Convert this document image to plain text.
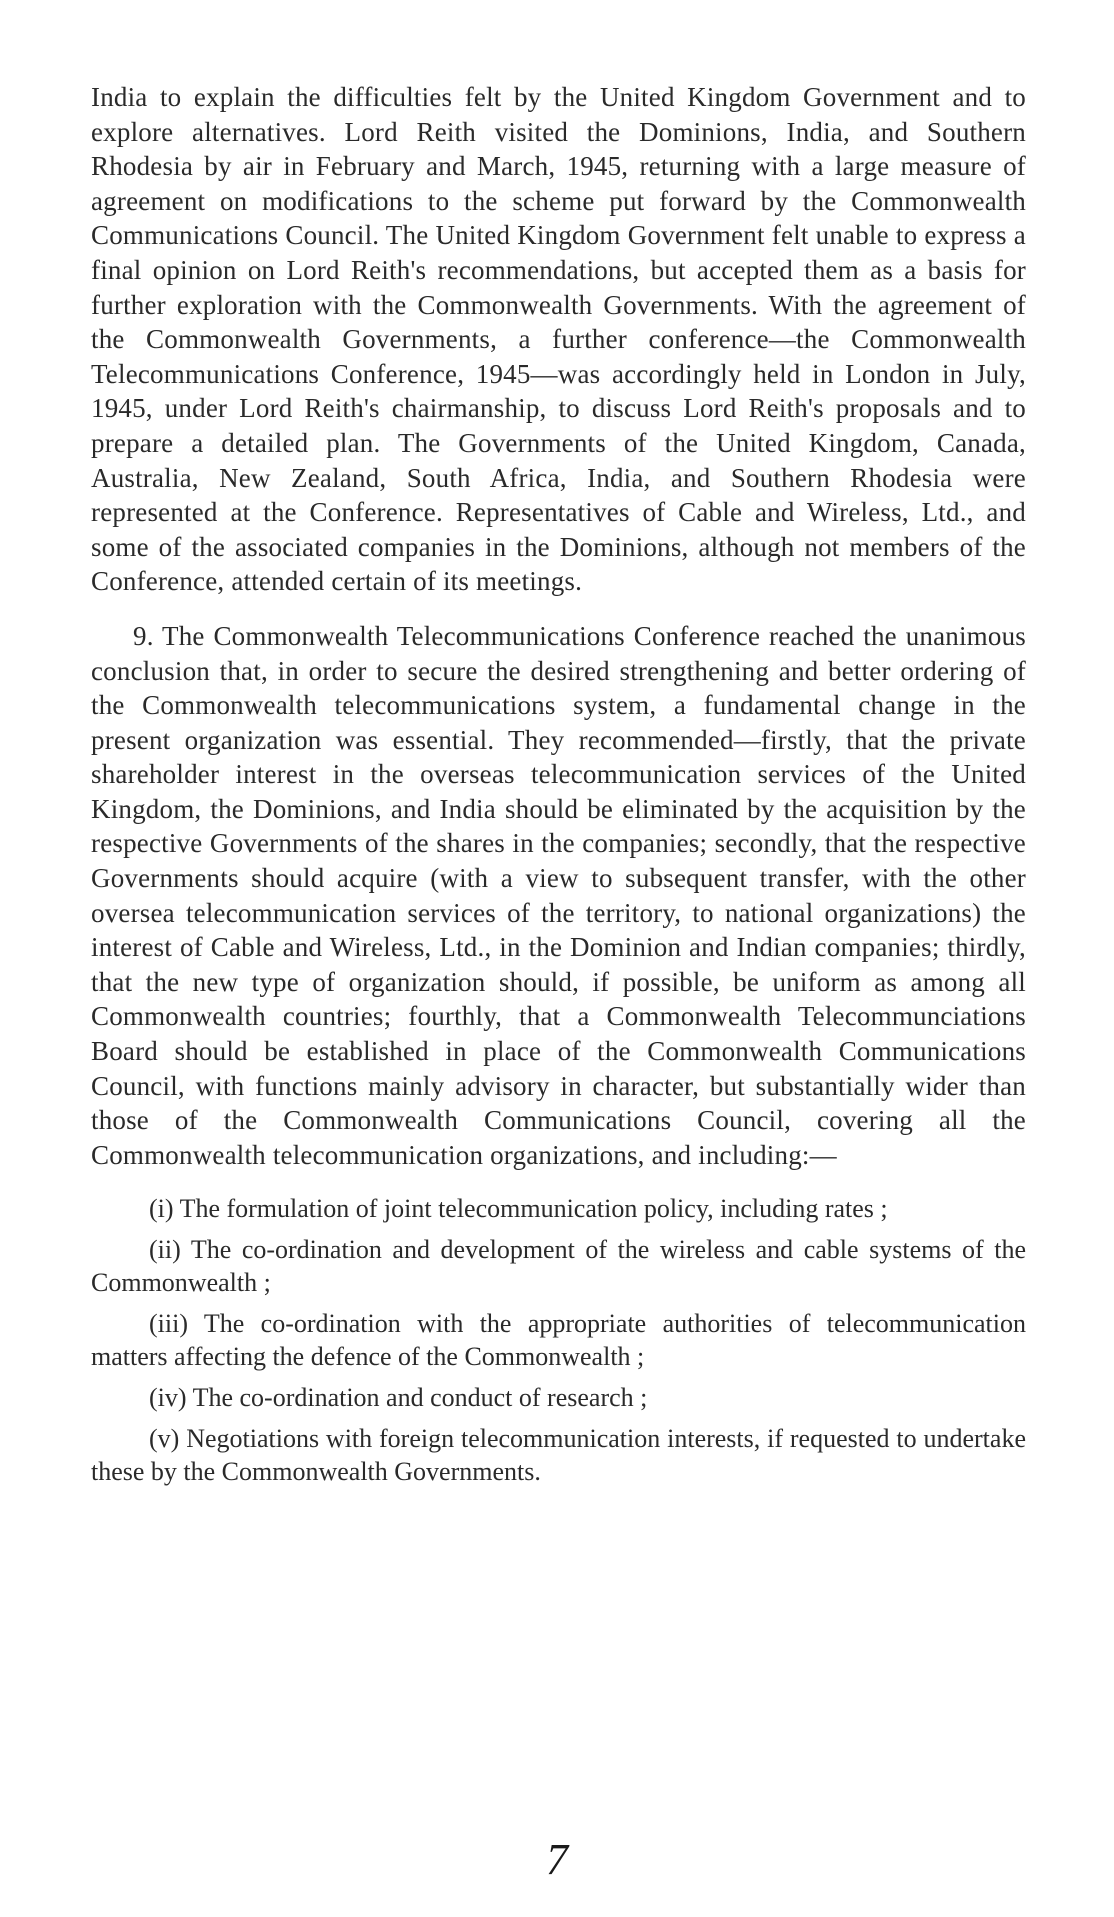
India to explain the difficulties felt by the United Kingdom Government and to explore alternatives. Lord Reith visited the Dominions, India, and Southern Rhodesia by air in February and March, 1945, returning with a large measure of agreement on modifications to the scheme put forward by the Commonwealth Communications Council. The United Kingdom Government felt unable to express a final opinion on Lord Reith's recommendations, but accepted them as a basis for further exploration with the Commonwealth Governments. With the agreement of the Commonwealth Governments, a further conference—the Commonwealth Telecommunications Conference, 1945—was accordingly held in London in July, 1945, under Lord Reith's chairmanship, to discuss Lord Reith's proposals and to prepare a detailed plan. The Governments of the United Kingdom, Canada, Australia, New Zealand, South Africa, India, and Southern Rhodesia were represented at the Conference. Representatives of Cable and Wireless, Ltd., and some of the associated companies in the Dominions, although not members of the Conference, attended certain of its meetings.

9. The Commonwealth Telecommunications Conference reached the unanimous conclusion that, in order to secure the desired strengthening and better ordering of the Commonwealth telecommunications system, a fundamental change in the present organization was essential. They recommended—firstly, that the private shareholder interest in the overseas telecommunication services of the United Kingdom, the Dominions, and India should be eliminated by the acquisition by the respective Governments of the shares in the companies; secondly, that the respective Governments should acquire (with a view to subsequent transfer, with the other oversea telecommunication services of the territory, to national organizations) the interest of Cable and Wireless, Ltd., in the Dominion and Indian companies; thirdly, that the new type of organization should, if possible, be uniform as among all Commonwealth countries; fourthly, that a Commonwealth Telecommunciations Board should be established in place of the Commonwealth Communications Council, with functions mainly advisory in character, but substantially wider than those of the Commonwealth Communications Council, covering all the Commonwealth telecommunication organizations, and including:—

(i) The formulation of joint telecommunication policy, including rates ;

(ii) The co-ordination and development of the wireless and cable systems of the Commonwealth ;

(iii) The co-ordination with the appropriate authorities of telecommunication matters affecting the defence of the Commonwealth ;

(iv) The co-ordination and conduct of research ;

(v) Negotiations with foreign telecommunication interests, if requested to undertake these by the Commonwealth Governments.

7
